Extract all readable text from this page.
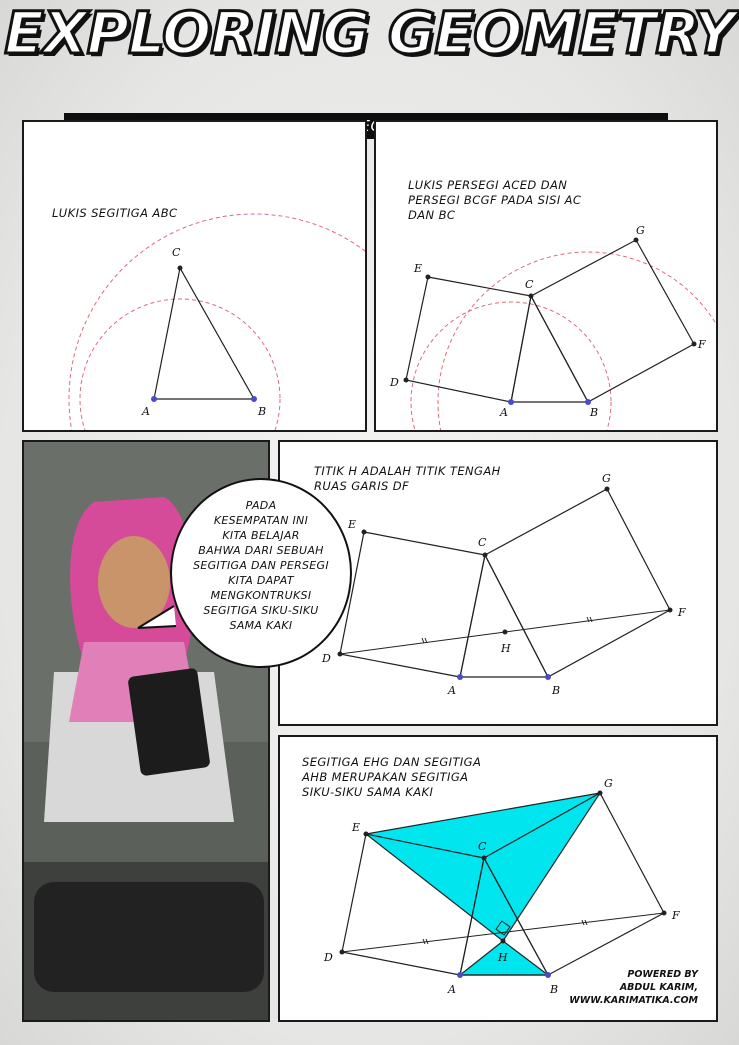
EXPLORING GEOMETRY
LUKIS SEGITIGA ABC
A	B
C
LUKIS PERSEGI ACED DAN
PERSEGI BCGF PADA SISI AC
DAN BC
A	B
C
D
E
F
G
TITIK H ADALAH TITIK TENGAH
RUAS GARIS DF
A	B
C
D
E
F
G
H
SEGITIGA EHG DAN SEGITIGA
AHB MERUPAKAN SEGITIGA
SIKU-SIKU SAMA KAKI
A	B
C
D
E
F
G
H
PADA
KESEMPATAN INI
KITA BELAJAR
BAHWA DARI SEBUAH
SEGITIGA DAN PERSEGI
KITA DAPAT
MENGKONTRUKSI
SEGITIGA SIKU-SIKU
SAMA KAKI
POWERED BY
ABDUL KARIM,
WWW.KARIMATIKA.COM
